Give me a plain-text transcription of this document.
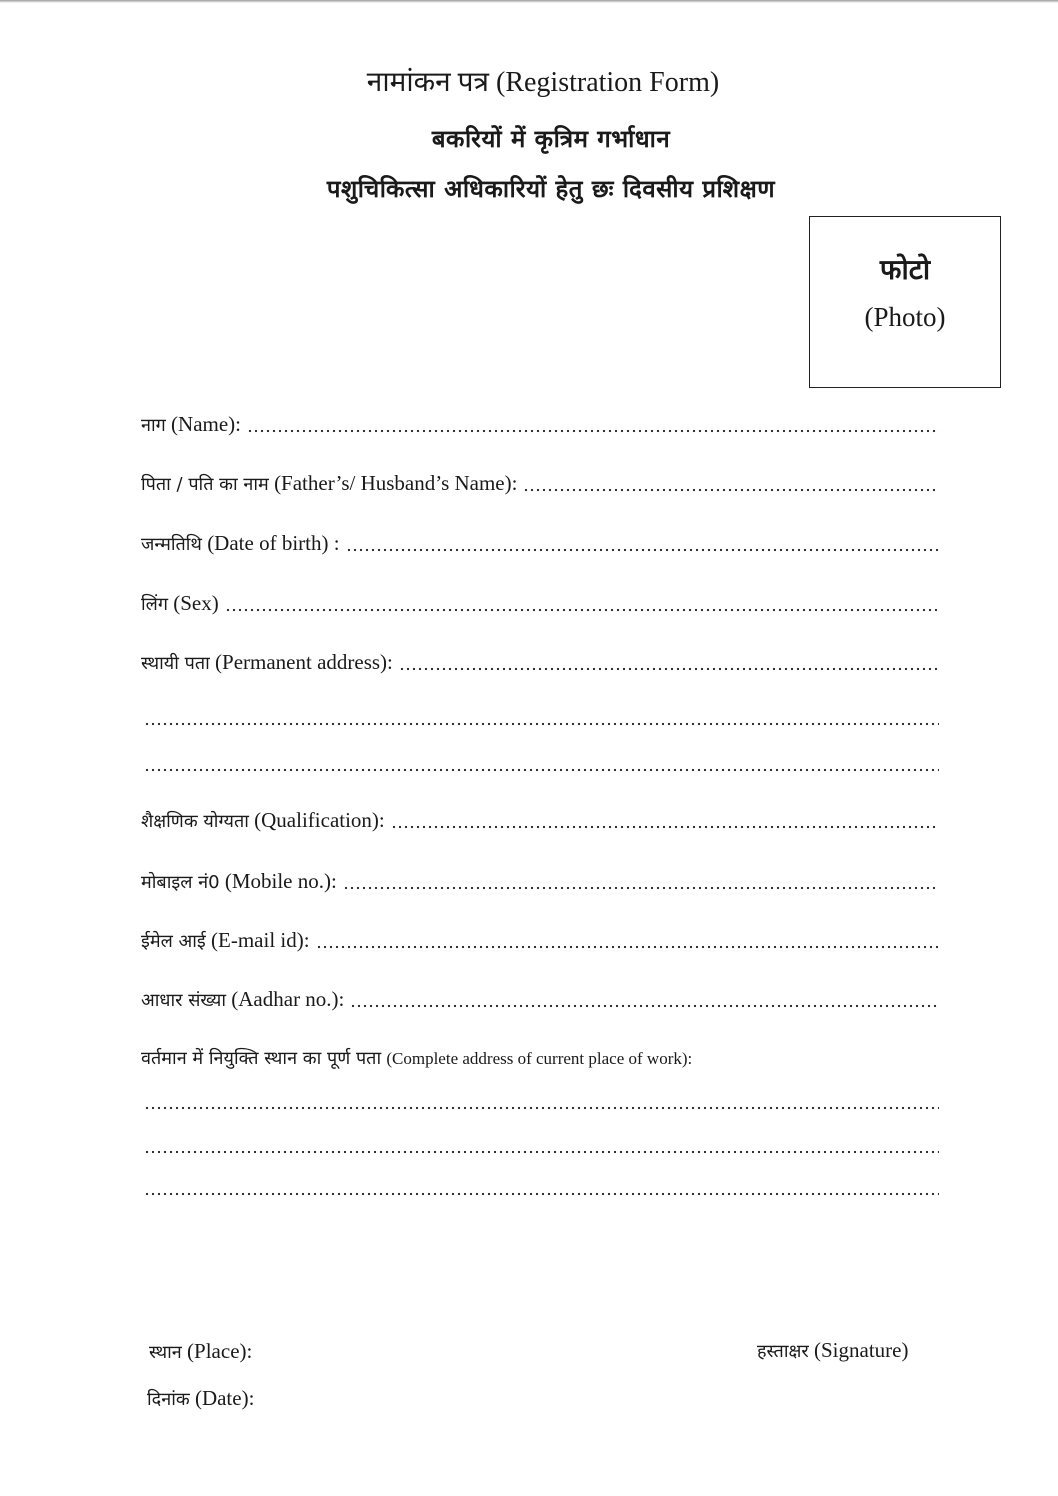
नामांकन पत्र (Registration Form)
बकरियों में कृत्रिम गर्भाधान
पशुचिकित्सा अधिकारियों हेतु छः दिवसीय प्रशिक्षण
फोटो
(Photo)
नाग (Name):
पिता / पति का नाम (Father’s/ Husband’s Name):
जन्मतिथि (Date of birth) :
लिंग (Sex)
स्थायी पता (Permanent address):
शैक्षणिक योग्यता (Qualification):
मोबाइल नं0 (Mobile no.):
ईमेल आई (E-mail id):
आधार संख्या (Aadhar no.):
वर्तमान में नियुक्ति स्थान का पूर्ण पता (Complete address of current place of work):
स्थान (Place):
दिनांक (Date):
हस्ताक्षर (Signature)
